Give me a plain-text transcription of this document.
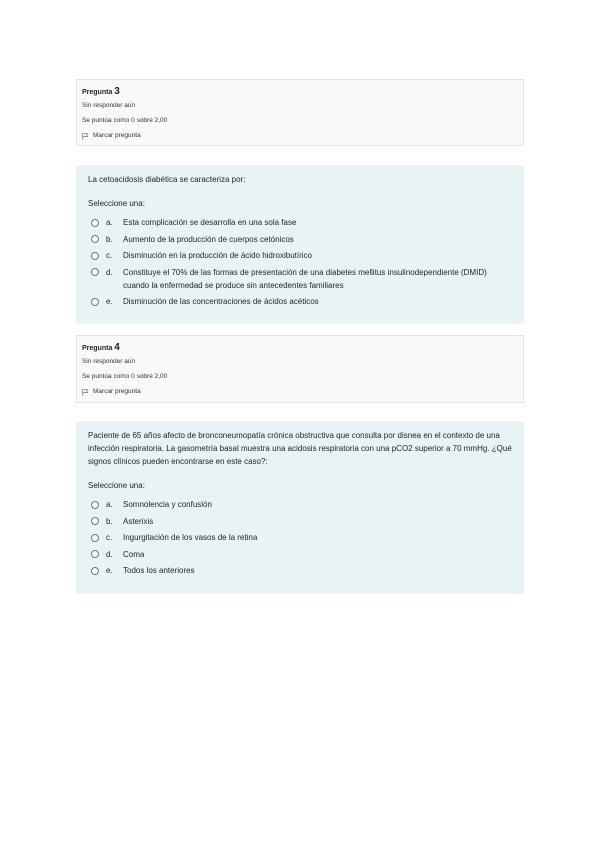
Pregunta 3
Sin responder aún
Se puntúa como 0 sobre 2,00
Marcar pregunta
La cetoacidosis diabética se caracteriza por:
Seleccione una:
a.	Esta complicación se desarrolla en una sola fase
b.	Aumento de la producción de cuerpos cetónicos
c.	Disminución en la producción de ácido hidroxibutírico
d.	Constituye el 70% de las formas de presentación de una diabetes mellitus insulinodependiente (DMID) cuando la enfermedad se produce sin antecedentes familiares
e.	Disminución de las concentraciones de ácidos acéticos
Pregunta 4
Sin responder aún
Se puntúa como 0 sobre 2,00
Marcar pregunta
Paciente de 65 años afecto de bronconeumopatía crónica obstructiva que consulta por disnea en el contexto de una infección respiratoria. La gasometría basal muestra una acidosis respiratoria con una pCO2 superior a 70 mmHg. ¿Qué signos clínicos pueden encontrarse en este caso?:
Seleccione una:
a.	Somnolencia y confusión
b.	Asterixis
c.	Ingurgitación de los vasos de la retina
d.	Coma
e.	Todos los anteriores
